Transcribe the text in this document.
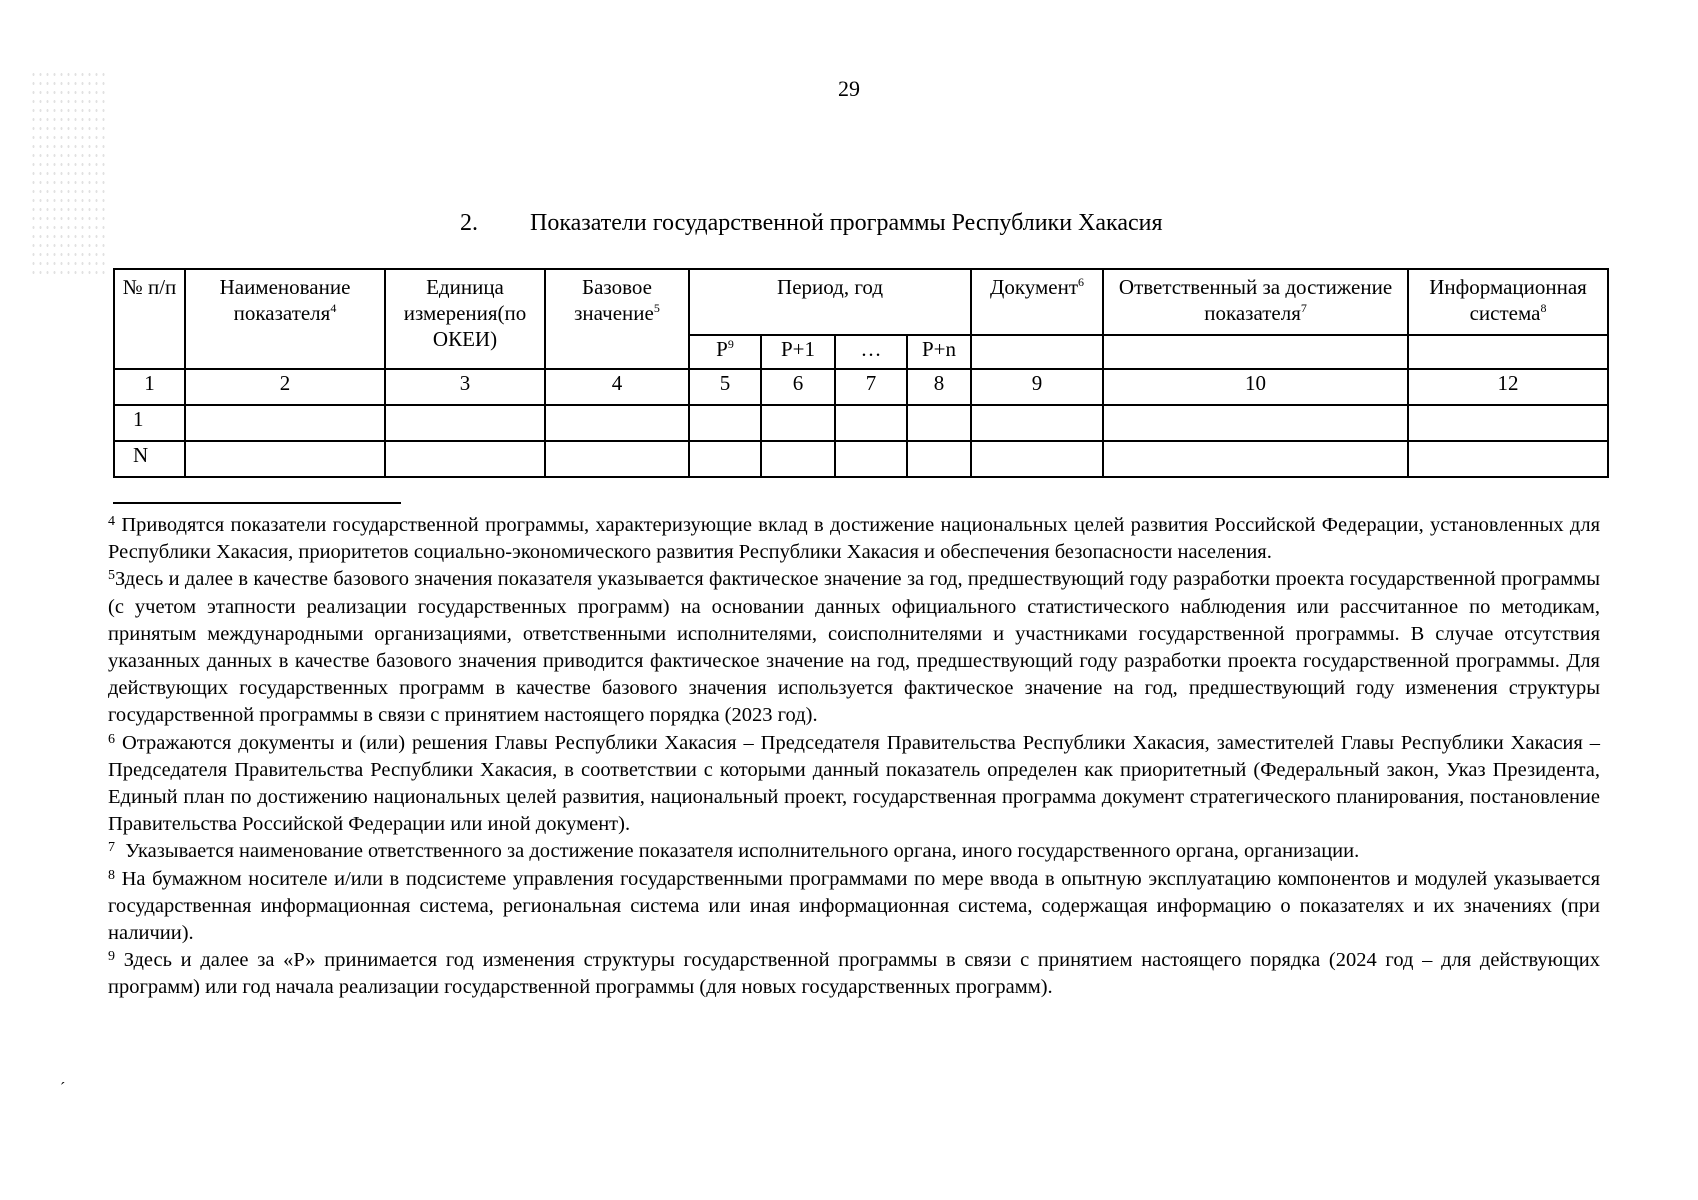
29
2. Показатели государственной программы Республики Хакасия
№ п/п	Наименование показателя$^4$	Единица измерения(по ОКЕИ)	Базовое значение$^5$	Период, год				Документ$^6$	Ответственный за достижение показателя$^7$	Информационная система$^8$
				$Р^9$	Р+1	…	Р+n			
1	2	3	4	5	6	7	8	9	10	12
1										
N										

$^4$ Приводятся показатели государственной программы, характеризующие вклад в достижение национальных целей развития Российской Федерации, установленных для Республики Хакасия, приоритетов социально-экономического развития Республики Хакасия и обеспечения безопасности населения.

$^5$Здесь и далее в качестве базового значения показателя указывается фактическое значение за год, предшествующий году разработки проекта государственной программы (с учетом этапности реализации государственных программ) на основании данных официального статистического наблюдения или рассчитанное по методикам, принятым международными организациями, ответственными исполнителями, соисполнителями и участниками государственной программы. В случае отсутствия указанных данных в качестве базового значения приводится фактическое значение на год, предшествующий году разработки проекта государственной программы. Для действующих государственных программ в качестве базового значения используется фактическое значение на год, предшествующий году изменения структуры государственной программы в связи с принятием настоящего порядка (2023 год).

$^6$ Отражаются документы и (или) решения Главы Республики Хакасия – Председателя Правительства Республики Хакасия, заместителей Главы Республики Хакасия – Председателя Правительства Республики Хакасия, в соответствии с которыми данный показатель определен как приоритетный (Федеральный закон, Указ Президента, Единый план по достижению национальных целей развития, национальный проект, государственная программа документ стратегического планирования, постановление Правительства Российской Федерации или иной документ).

$^7$ Указывается наименование ответственного за достижение показателя исполнительного органа, иного государственного органа, организации.

$^8$ На бумажном носителе и/или в подсистеме управления государственными программами по мере ввода в опытную эксплуатацию компонентов и модулей указывается государственная информационная система, региональная система или иная информационная система, содержащая информацию о показателях и их значениях (при наличии).

$^9$ Здесь и далее за «Р» принимается год изменения структуры государственной программы в связи с принятием настоящего порядка (2024 год – для действующих программ) или год начала реализации государственной программы (для новых государственных программ).

´
